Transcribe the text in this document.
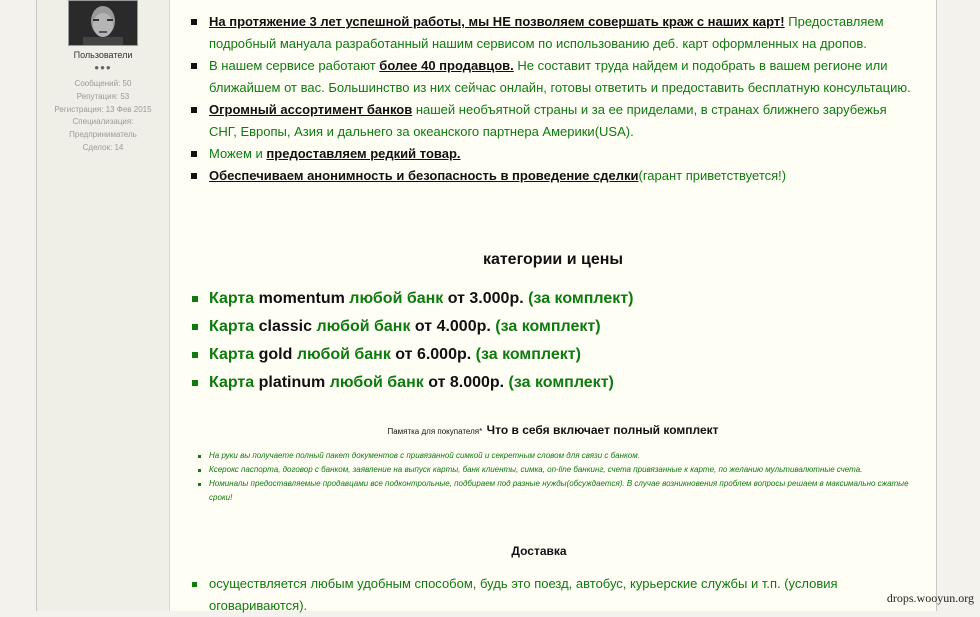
Пользователи
●●●
Сообщений: 50
Репутация: 53
Регистрация: 13 Фев 2015
Специализация:
Предприниматель
Сделок: 14
На протяжение 3 лет успешной работы, мы НЕ позволяем совершать краж с наших карт! Предоставляем подробный мануала разработанный нашим сервисом по использованию деб. карт оформленных на дропов.
В нашем сервисе работают более 40 продавцов. Не составит труда найдем и подобрать в вашем регионе или ближайшем от вас. Большинство из них сейчас онлайн, готовы ответить и предоставить бесплатную консультацию.
Огромный ассортимент банков нашей необъятной страны и за ее приделами, в странах ближнего зарубежья СНГ, Европы, Азия и дальнего за океанского партнера Америки(USA).
Можем и предоставляем редкий товар.
Обеспечиваем анонимность и безопасность в проведение сделки(гарант приветствуется!)
категории и цены
Карта momentum любой банк от 3.000р. (за комплект)
Карта classic любой банк от 4.000р. (за комплект)
Карта gold любой банк от 6.000р. (за комплект)
Карта platinum любой банк от 8.000р. (за комплект)
Памятка для покупателя* Что в себя включает полный комплект
На руки вы получаете полный пакет документов с привязанной симкой и секретным словом для связи с банком.
Ксерокс паспорта, договор с банком, заявление на выпуск карты, банк клиенты, симка, on-line банкинг, счета привязанные к карте, по желанию мультивалютные счета.
Номиналы предоставляемые продавцами все подконтрольные, подбираем под разные нужды(обсуждается). В случае возникновения проблем вопросы решаем в максимально сжатые сроки!
Доставка
осуществляется любым удобным способом, будь это поезд, автобус, курьерские службы и т.п. (условия оговариваются).	drops.wooyun.org
